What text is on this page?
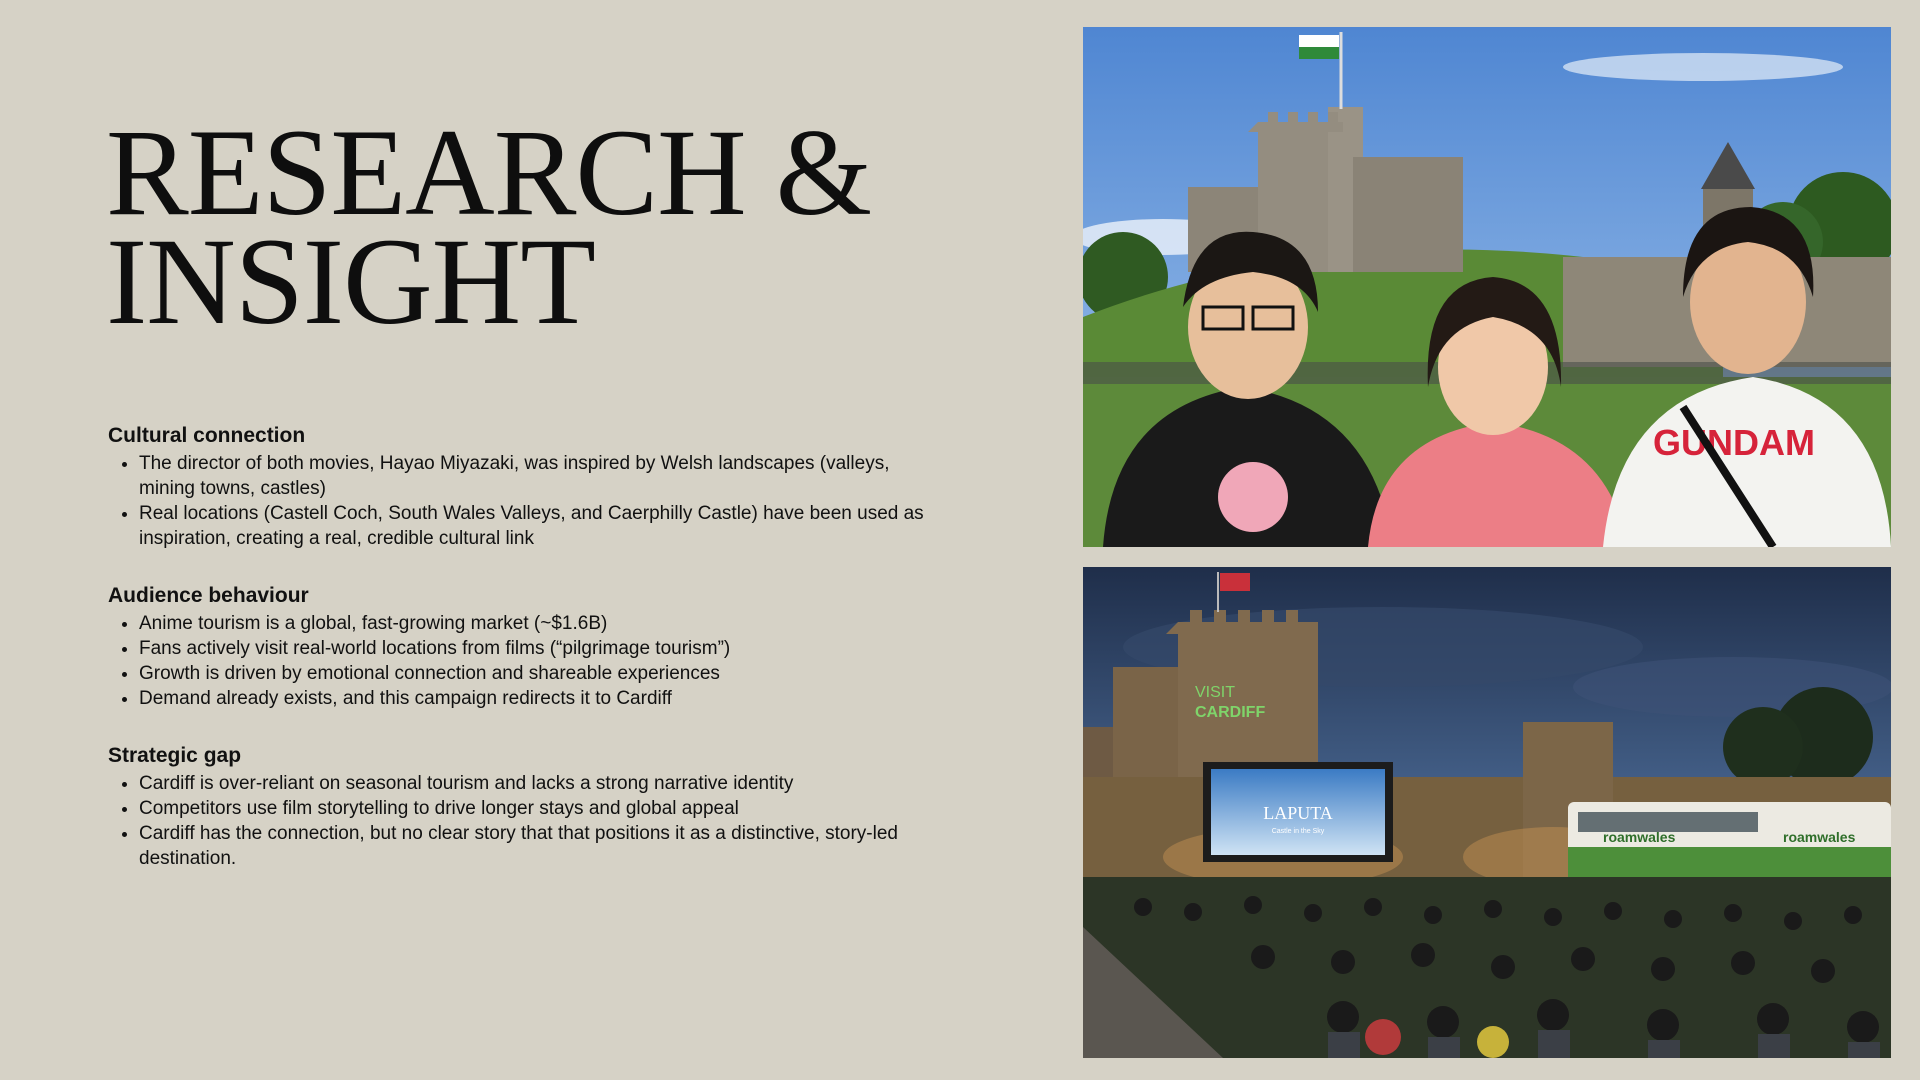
RESEARCH &
INSIGHT
Cultural connection
• The director of both movies, Hayao Miyazaki, was inspired by Welsh landscapes (valleys, mining towns, castles)
• Real locations (Castell Coch, South Wales Valleys, and Caerphilly Castle) have been used as inspiration, creating a real, credible cultural link
Audience behaviour
• Anime tourism is a global, fast-growing market (~$1.6B)
• Fans actively visit real-world locations from films (“pilgrimage tourism”)
• Growth is driven by emotional connection and shareable experiences
• Demand already exists, and this campaign redirects it to Cardiff
Strategic gap
• Cardiff is over-reliant on seasonal tourism and lacks a strong narrative identity
• Competitors use film storytelling to drive longer stays and global appeal
• Cardiff has the connection, but no clear story that that positions it as a distinctive, story-led destination.
GUNDAM
VISIT
CARDIFF
LAPUTA
Castle in the Sky	roamwales	roamwales
